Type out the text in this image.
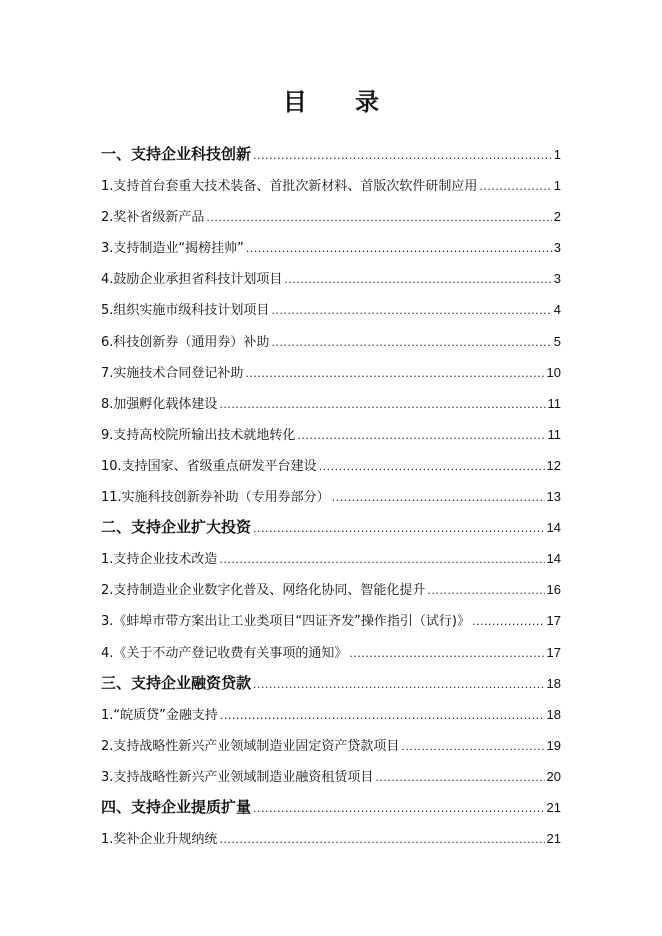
目 录
一、支持企业科技创新 .....	1
1.支持首台套重大技术装备、首批次新材料、首版次软件研制应用 .....	1
2.奖补省级新产品 .....	2
3.支持制造业“揭榜挂帅” .....	3
4.鼓励企业承担省科技计划项目 .....	3
5.组织实施市级科技计划项目 .....	4
6.科技创新券（通用券）补助 .....	5
7.实施技术合同登记补助 .....	10
8.加强孵化载体建设 .....	11
9.支持高校院所输出技术就地转化 .....	11
10.支持国家、省级重点研发平台建设 .....	12
11.实施科技创新券补助（专用券部分） .....	13
二、支持企业扩大投资 .....	14
1.支持企业技术改造 .....	14
2.支持制造业企业数字化普及、网络化协同、智能化提升 .....	16
3.《蚌埠市带方案出让工业类项目“四证齐发”操作指引（试行)》 .....	17
4.《关于不动产登记收费有关事项的通知》 .....	17
三、支持企业融资贷款 .....	18
1.“皖质贷”金融支持 .....	18
2.支持战略性新兴产业领域制造业固定资产贷款项目 .....	19
3.支持战略性新兴产业领域制造业融资租赁项目 .....	20
四、支持企业提质扩量 .....	21
1.奖补企业升规纳统 .....	21
